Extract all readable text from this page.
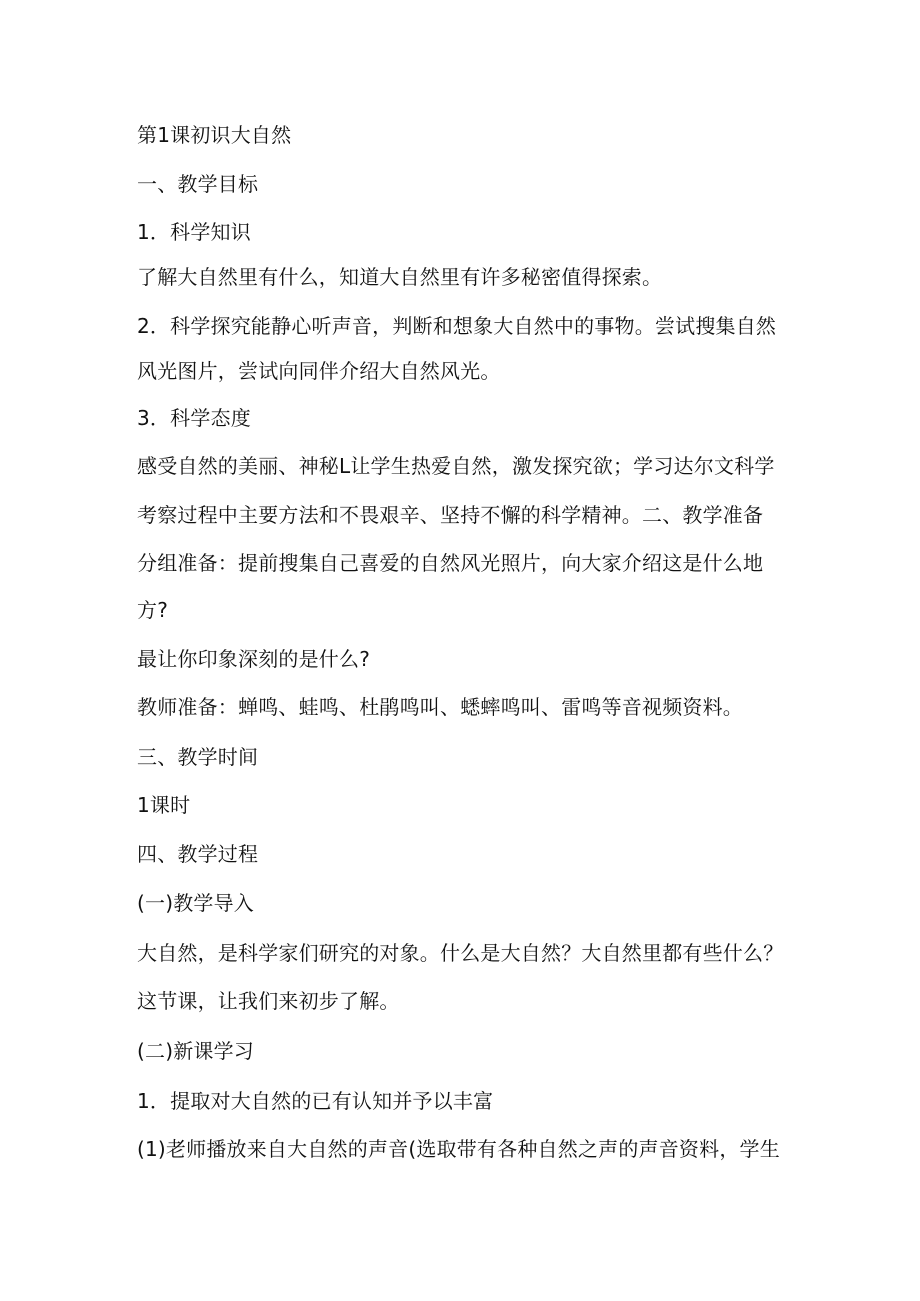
第1课初识大自然

一、教学目标

1．科学知识

了解大自然里有什么，知道大自然里有许多秘密值得探索。

2．科学探究能静心听声音，判断和想象大自然中的事物。尝试搜集自然

风光图片，尝试向同伴介绍大自然风光。

3．科学态度

感受自然的美丽、神秘L让学生热爱自然，激发探究欲；学习达尔文科学

考察过程中主要方法和不畏艰辛、坚持不懈的科学精神。二、教学准备

分组准备：提前搜集自己喜爱的自然风光照片，向大家介绍这是什么地

方?

最让你印象深刻的是什么?

教师准备：蝉鸣、蛙鸣、杜鹃鸣叫、蟋蟀鸣叫、雷鸣等音视频资料。

三、教学时间

1课时

四、教学过程

(一)教学导入

大自然，是科学家们研究的对象。什么是大自然？大自然里都有些什么？

这节课，让我们来初步了解。

(二)新课学习

1．提取对大自然的已有认知并予以丰富

(1)老师播放来自大自然的声音(选取带有各种自然之声的声音资料，学生
